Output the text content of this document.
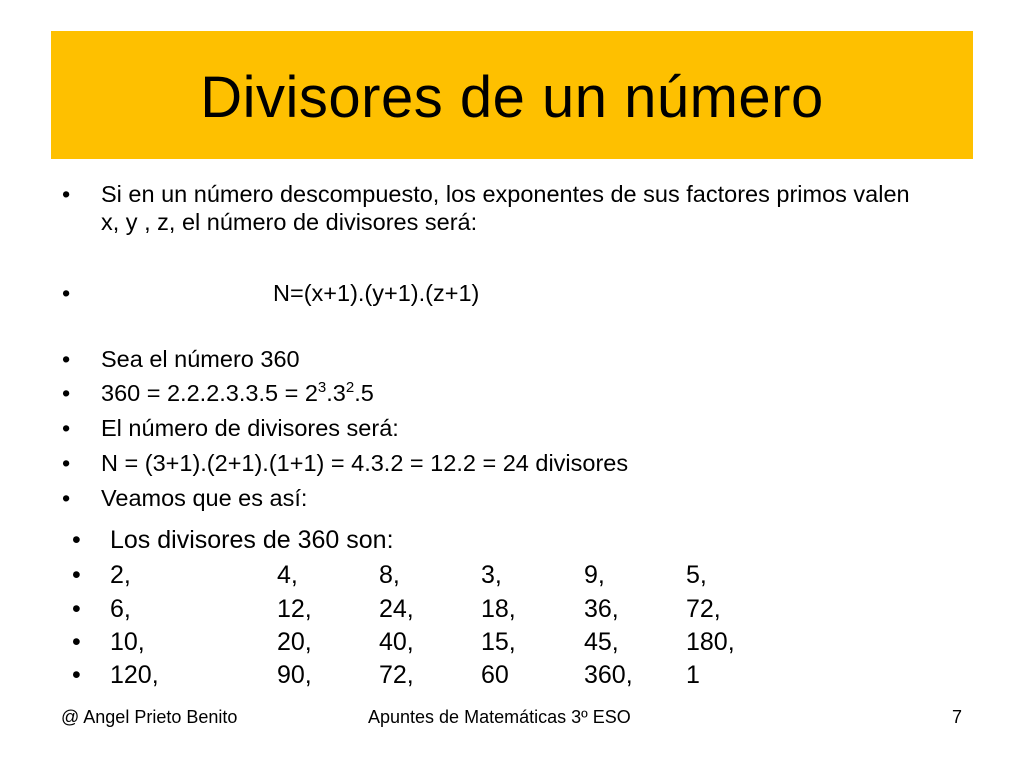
Divisores de un número
• Si en un número descompuesto, los exponentes de sus factores primos valen x, y , z, el número de divisores será:
•	N=(x+1).(y+1).(z+1)
• Sea el número 360
• $360 = 2.2.2.3.3.5 = 2^3.3^2.5$
• El número de divisores será:
• N = (3+1).(2+1).(1+1) = 4.3.2 = 12.2 = 24 divisores
• Veamos que es así:
• Los divisores de 360 son:
• 2,	4,	8,	3,	9,	5,
• 6,	12,	24,	18,	36,	72,
• 10,	20,	40,	15,	45,	180,
• 120,	90,	72,	60	360, 1
@ Angel Prieto Benito	Apuntes de Matemáticas 3º ESO	7
